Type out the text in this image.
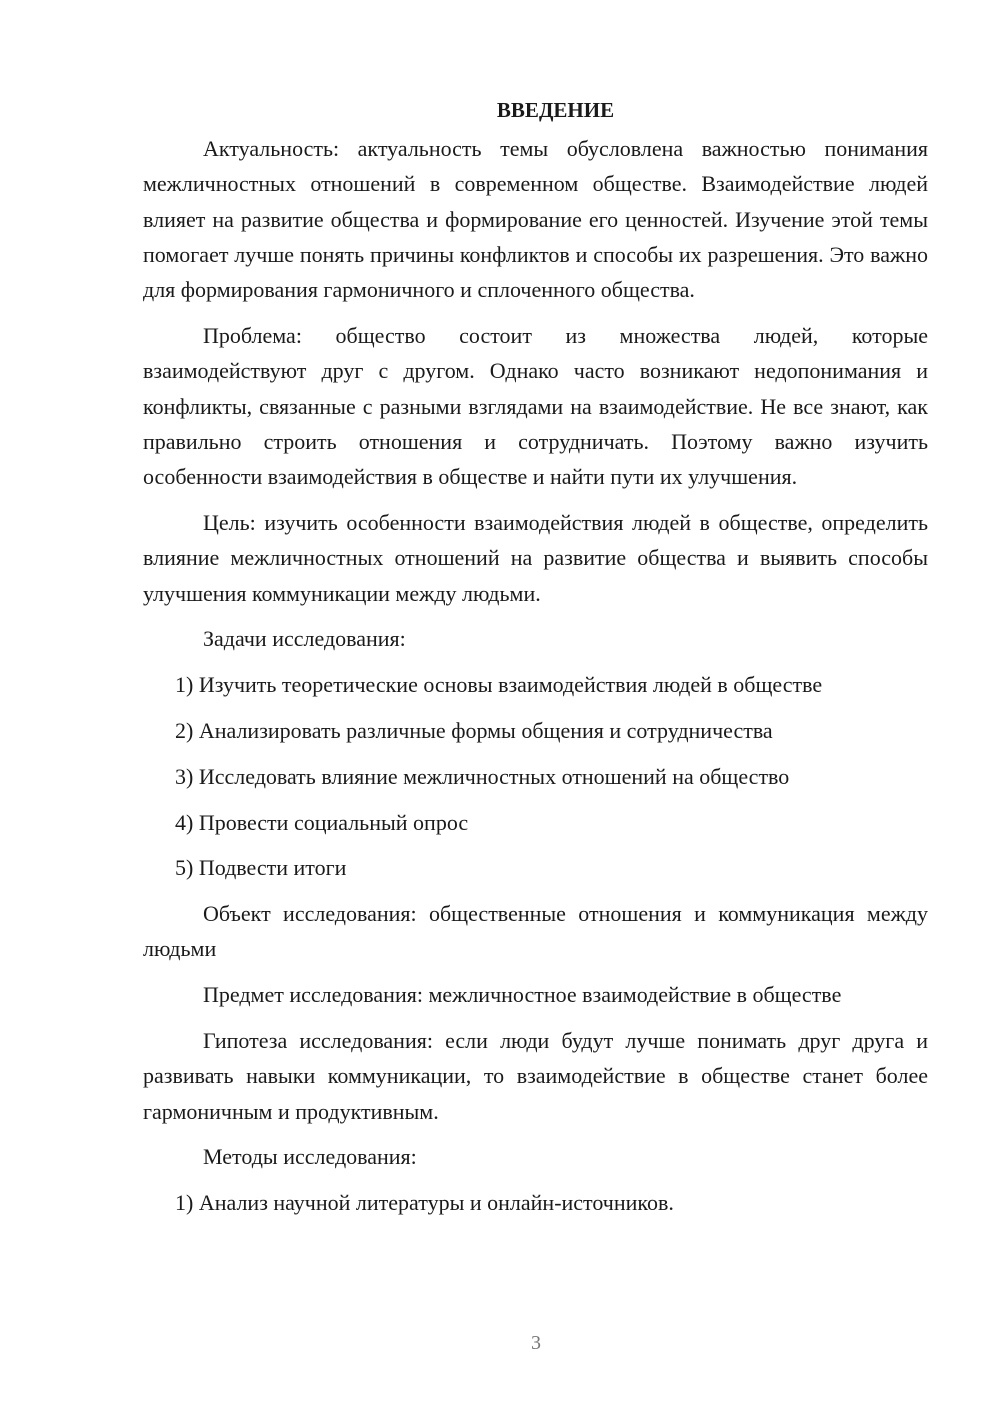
ВВЕДЕНИЕ

Актуальность: актуальность темы обусловлена важностью понимания межличностных отношений в современном обществе. Взаимодействие людей влияет на развитие общества и формирование его ценностей. Изучение этой темы помогает лучше понять причины конфликтов и способы их разрешения. Это важно для формирования гармоничного и сплоченного общества.

Проблема: общество состоит из множества людей, которые взаимодействуют друг с другом. Однако часто возникают недопонимания и конфликты, связанные с разными взглядами на взаимодействие. Не все знают, как правильно строить отношения и сотрудничать. Поэтому важно изучить особенности взаимодействия в обществе и найти пути их улучшения.

Цель: изучить особенности взаимодействия людей в обществе, определить влияние межличностных отношений на развитие общества и выявить способы улучшения коммуникации между людьми.

Задачи исследования:

1) Изучить теоретические основы взаимодействия людей в обществе

2) Анализировать различные формы общения и сотрудничества

3) Исследовать влияние межличностных отношений на общество

4) Провести социальный опрос

5) Подвести итоги

Объект исследования: общественные отношения и коммуникация между людьми

Предмет исследования: межличностное взаимодействие в обществе

Гипотеза исследования: если люди будут лучше понимать друг друга и развивать навыки коммуникации, то взаимодействие в обществе станет более гармоничным и продуктивным.

Методы исследования:

1) Анализ научной литературы и онлайн-источников.

3
